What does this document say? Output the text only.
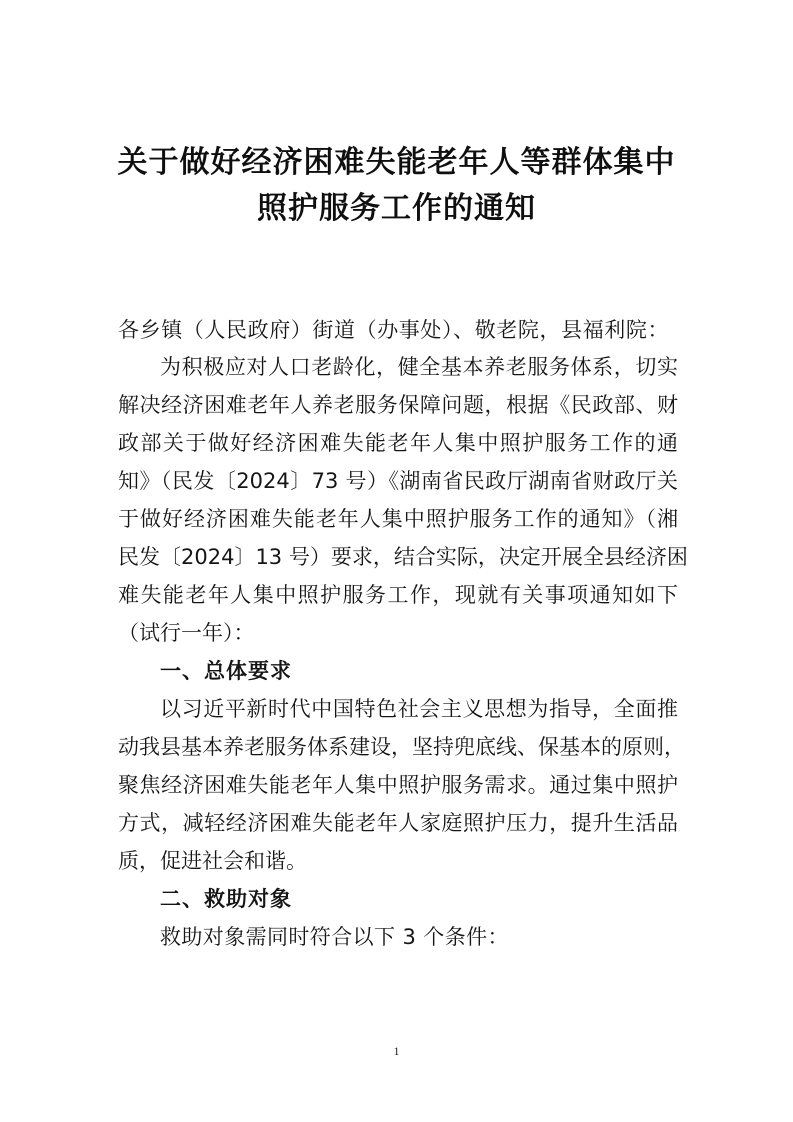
关于做好经济困难失能老年人等群体集中
照护服务工作的通知
各乡镇（人民政府）街道（办事处）、敬老院，县福利院：
为积极应对人口老龄化，健全基本养老服务体系，切实
解决经济困难老年人养老服务保障问题，根据《民政部、财
政部关于做好经济困难失能老年人集中照护服务工作的通
知》（民发〔2024〕73 号）《湖南省民政厅湖南省财政厅关
于做好经济困难失能老年人集中照护服务工作的通知》（湘
民发〔2024〕13 号）要求，结合实际，决定开展全县经济困
难失能老年人集中照护服务工作，现就有关事项通知如下
（试行一年）：
一、总体要求
以习近平新时代中国特色社会主义思想为指导，全面推
动我县基本养老服务体系建设，坚持兜底线、保基本的原则，
聚焦经济困难失能老年人集中照护服务需求。通过集中照护
方式，减轻经济困难失能老年人家庭照护压力，提升生活品
质，促进社会和谐。
二、救助对象
救助对象需同时符合以下 3 个条件：
1
